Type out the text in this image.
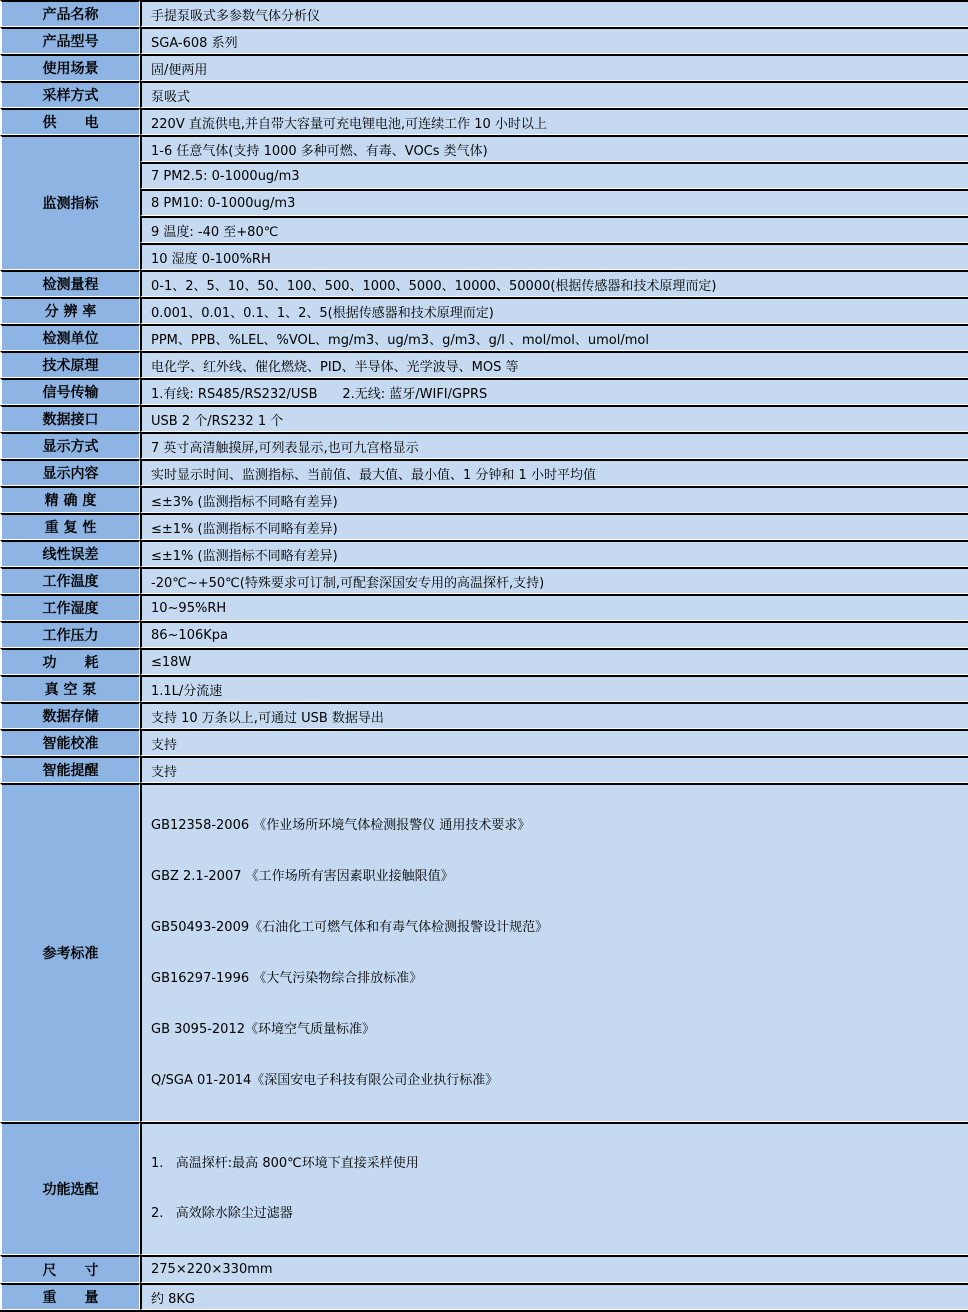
产品名称	手提泵吸式多参数气体分析仪
产品型号	SGA-608 系列
使用场景	固/便两用
采样方式	泵吸式
供　　电	220V 直流供电,并自带大容量可充电锂电池,可连续工作 10 小时以上
监测指标	1-6 任意气体(支持 1000 多种可燃、有毒、VOCs 类气体)
	7 PM2.5: 0-1000ug/m3
	8 PM10: 0-1000ug/m3
	9 温度: -40 至+80℃
	10 湿度 0-100%RH
检测量程	0-1、2、5、10、50、100、500、1000、5000、10000、50000(根据传感器和技术原理而定)
分 辨 率	0.001、0.01、0.1、1、2、5(根据传感器和技术原理而定)
检测单位	PPM、PPB、%LEL、%VOL、mg/m3、ug/m3、g/m3、g/l 、mol/mol、umol/mol
技术原理	电化学、红外线、催化燃烧、PID、半导体、光学波导、MOS 等
信号传输	1.有线: RS485/RS232/USB      2.无线: 蓝牙/WIFI/GPRS
数据接口	USB 2 个/RS232 1 个
显示方式	7 英寸高清触摸屏,可列表显示,也可九宫格显示
显示内容	实时显示时间、监测指标、当前值、最大值、最小值、1 分钟和 1 小时平均值
精 确 度	≤±3% (监测指标不同略有差异)
重 复 性	≤±1% (监测指标不同略有差异)
线性误差	≤±1% (监测指标不同略有差异)
工作温度	-20℃~+50℃(特殊要求可订制,可配套深国安专用的高温探杆,支持)
工作湿度	10~95%RH
工作压力	86~106Kpa
功　　耗	≤18W
真 空 泵	1.1L/分流速
数据存储	支持 10 万条以上,可通过 USB 数据导出
智能校准	支持
智能提醒	支持
参考标准	

GB12358-2006 《作业场所环境气体检测报警仪 通用技术要求》

GBZ 2.1-2007 《工作场所有害因素职业接触限值》

GB50493-2009《石油化工可燃气体和有毒气体检测报警设计规范》

GB16297-1996 《大气污染物综合排放标准》

GB 3095-2012《环境空气质量标准》

Q/SGA 01-2014《深国安电子科技有限公司企业执行标准》

功能选配	1.   高温探杆:最高 800℃环境下直接采样使用

2.   高效除水除尘过滤器

尺　　寸	275×220×330mm
重　　量	约 8KG
